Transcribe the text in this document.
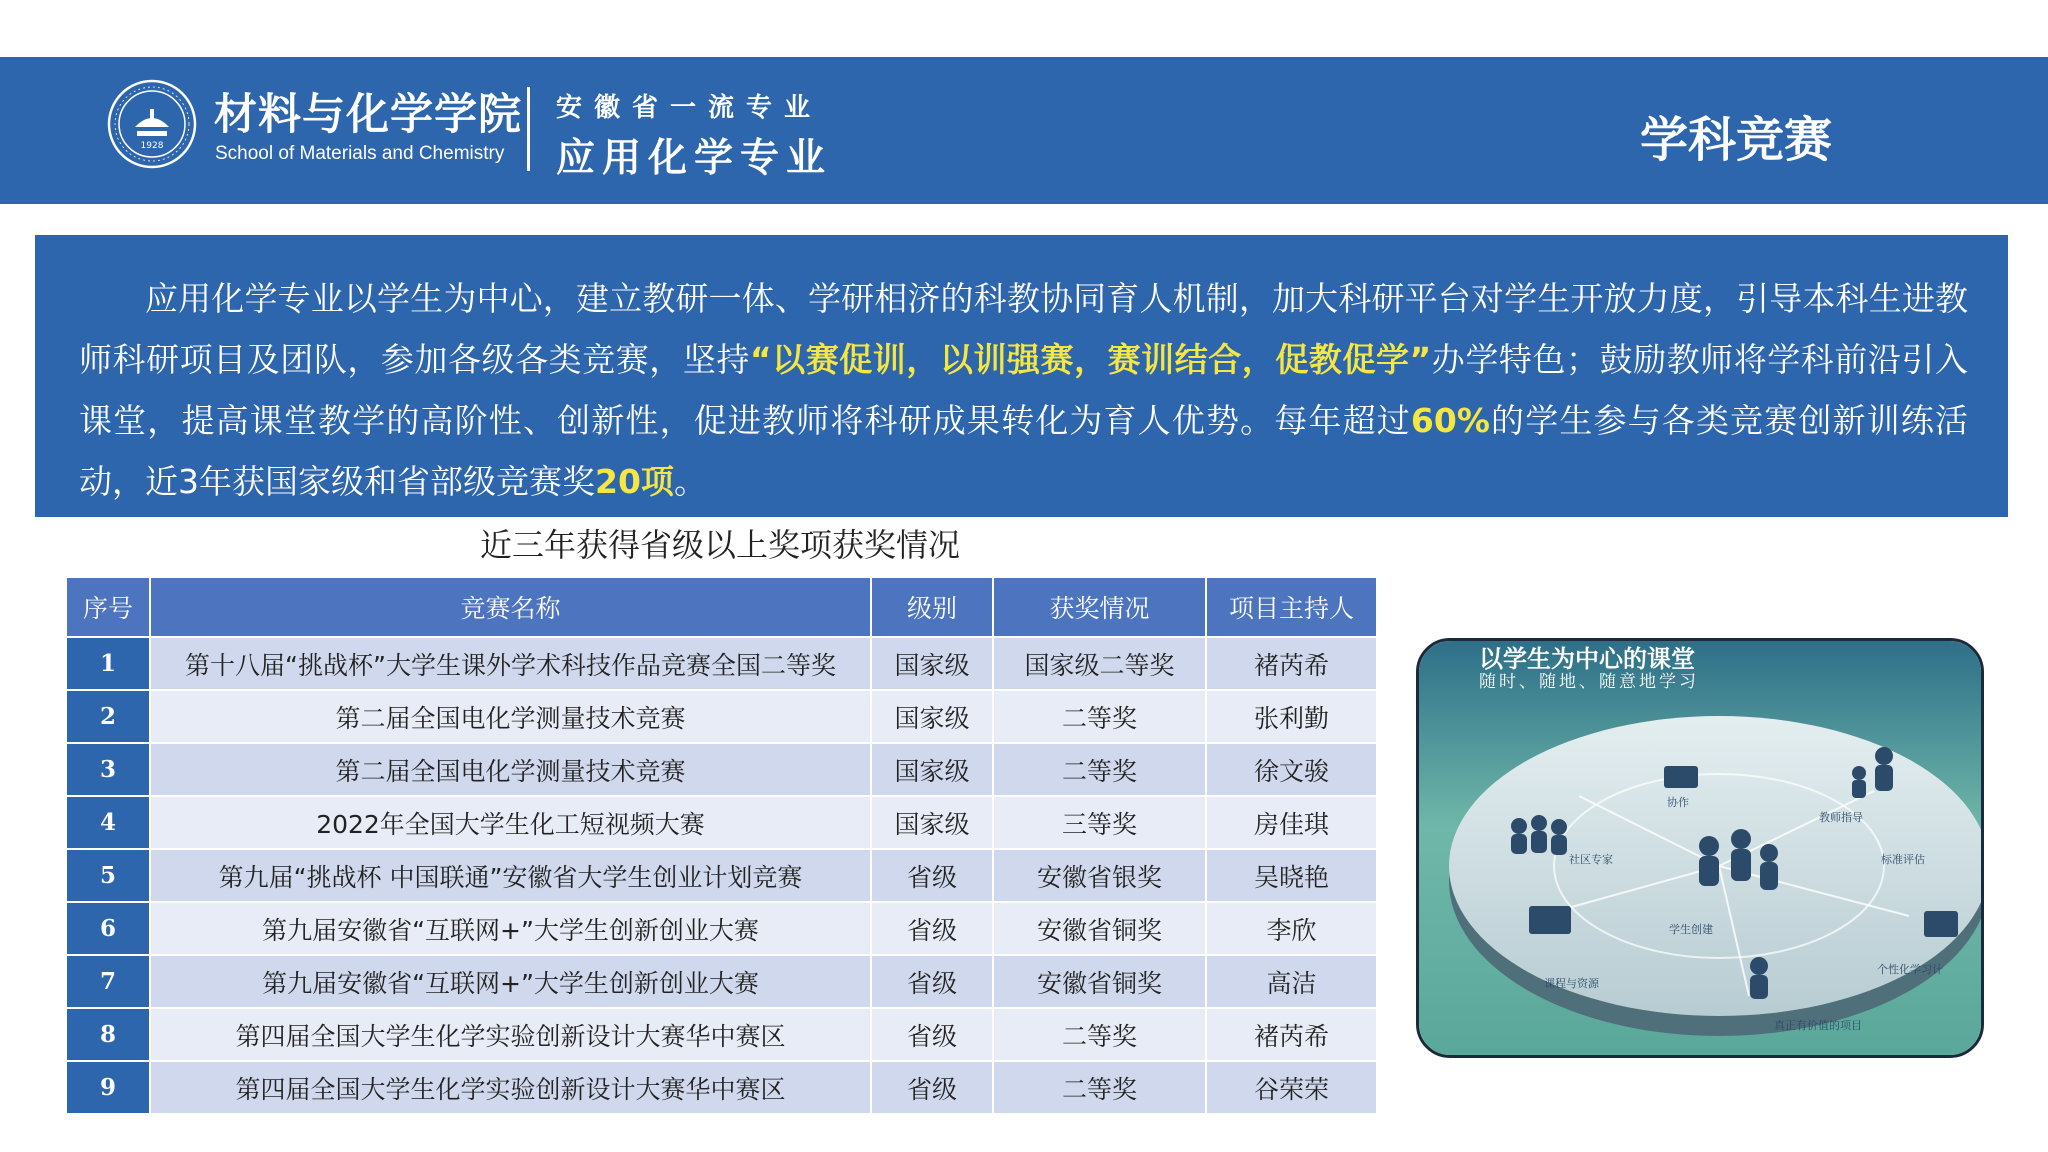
1928
材料与化学学院
School of Materials and Chemistry
安徽省一流专业
应用化学专业	学科竞赛
应用化学专业以学生为中心，建立教研一体、学研相济的科教协同育人机制，加大科研平台对学生开放力度，引导本科生进教师科研项目及团队，参加各级各类竞赛，坚持“以赛促训，以训强赛，赛训结合，促教促学”办学特色；鼓励教师将学科前沿引入课堂，提高课堂教学的高阶性、创新性，促进教师将科研成果转化为育人优势。每年超过60%的学生参与各类竞赛创新训练活动，近3年获国家级和省部级竞赛奖20项。
近三年获得省级以上奖项获奖情况
序号	竞赛名称	级别	获奖情况	项目主持人
1	第十八届“挑战杯”大学生课外学术科技作品竞赛全国二等奖	国家级	国家级二等奖	褚芮希
2	第二届全国电化学测量技术竞赛	国家级	二等奖	张利勤
3	第二届全国电化学测量技术竞赛	国家级	二等奖	徐文骏
4	2022年全国大学生化工短视频大赛	国家级	三等奖	房佳琪
5	第九届“挑战杯 中国联通”安徽省大学生创业计划竞赛	省级	安徽省银奖	吴晓艳
6	第九届安徽省“互联网+”大学生创新创业大赛	省级	安徽省铜奖	李欣
7	第九届安徽省“互联网+”大学生创新创业大赛	省级	安徽省铜奖	高洁
8	第四届全国大学生化学实验创新设计大赛华中赛区	省级	二等奖	褚芮希
9	第四届全国大学生化学实验创新设计大赛华中赛区	省级	二等奖	谷荣荣
以学生为中心的课堂
随时、随地、随意地学习
协作
教师指导
社区专家	标准评估
学生创建
课程与资源
个性化学习计
真正有价值的项目
